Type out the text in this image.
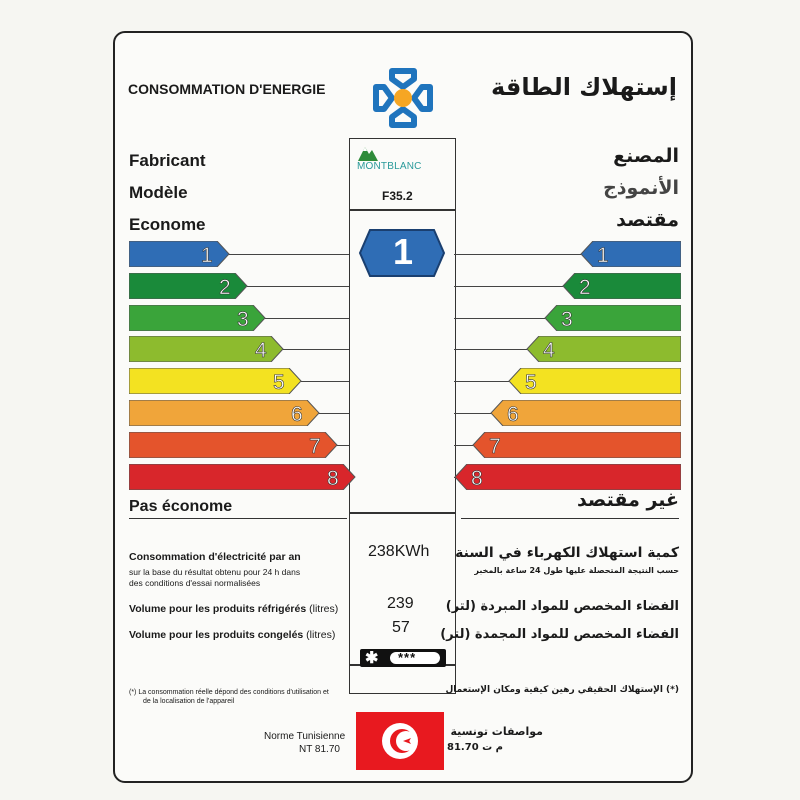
CONSOMMATION D'ENERGIE	إستهلاك الطاقة
MONTBLANC
F35.2
1
238KWh
239
57
✱ ***
Fabricant	المصنع
Modèle	الأنموذج
Econome	مقتصد
1	1
2	2
3	3
4	4
5	5
6	6
7	7
8	8
Pas économe	غير مقتصد
Consommation d'électricité par an
sur la base du résultat obtenu pour 24 h dans
des conditions d'essai normalisées
كمية استهلاك الكهرباء في السنة
حسب النتيجة المتحصلة عليها طول 24 ساعة بالمخبر
Volume pour les produits réfrigérés (litres)	الفضاء المخصص للمواد المبردة (لتر)
Volume pour les produits congelés (litres)	الفضاء المخصص للمواد المجمدة (لتر)
(*) La consommation réelle dépond des conditions d'utilisation et
de la localisation de l'appareil
(*) الإستهلاك الحقيقي رهين كيفية ومكان الإستعمال
Norme Tunisienne
NT 81.70
مواصفات تونسية
م ت 81.70
